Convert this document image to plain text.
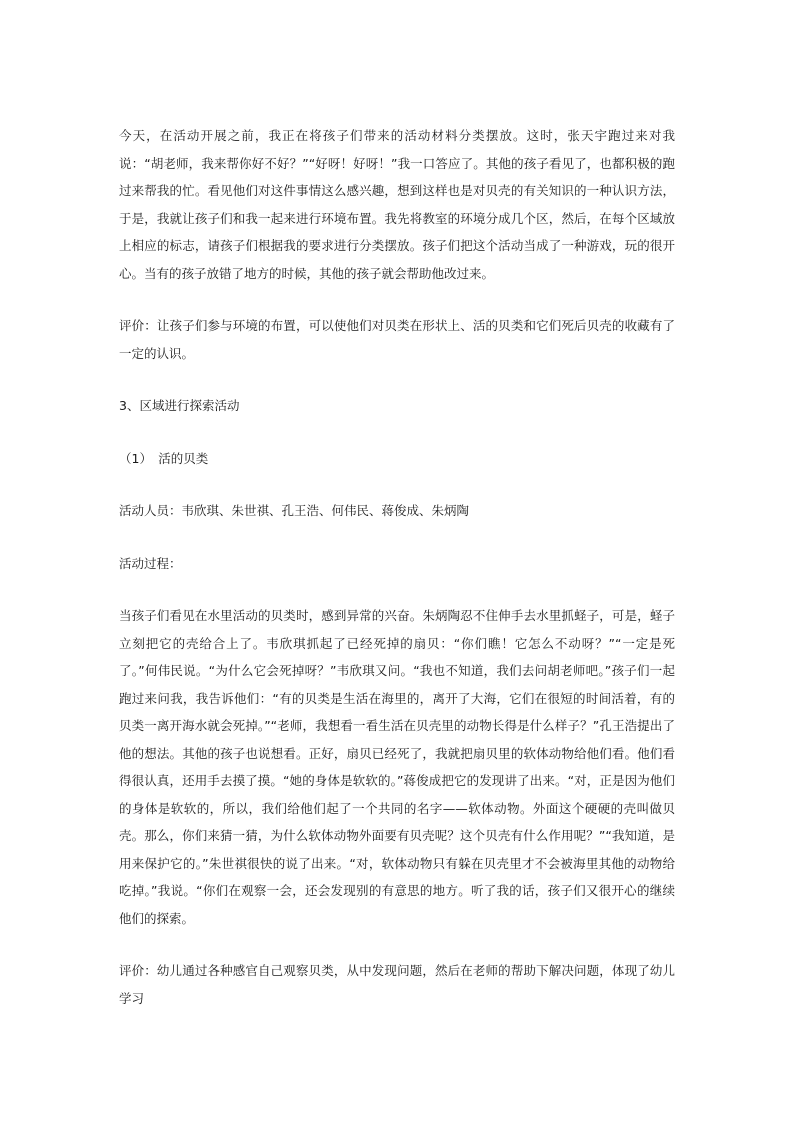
今天，在活动开展之前，我正在将孩子们带来的活动材料分类摆放。这时，张天宇跑过来对我说：“胡老师，我来帮你好不好？”“好呀！好呀！”我一口答应了。其他的孩子看见了，也都积极的跑过来帮我的忙。看见他们对这件事情这么感兴趣，想到这样也是对贝壳的有关知识的一种认识方法，于是，我就让孩子们和我一起来进行环境布置。我先将教室的环境分成几个区，然后，在每个区域放上相应的标志，请孩子们根据我的要求进行分类摆放。孩子们把这个活动当成了一种游戏，玩的很开心。当有的孩子放错了地方的时候，其他的孩子就会帮助他改过来。

评价：让孩子们参与环境的布置，可以使他们对贝类在形状上、活的贝类和它们死后贝壳的收藏有了一定的认识。

3、区域进行探索活动

（1）　活的贝类

活动人员：韦欣琪、朱世祺、孔王浩、何伟民、蒋俊成、朱炳陶

活动过程：

当孩子们看见在水里活动的贝类时，感到异常的兴奋。朱炳陶忍不住伸手去水里抓蛏子，可是，蛏子立刻把它的壳给合上了。韦欣琪抓起了已经死掉的扇贝：“你们瞧！它怎么不动呀？”“一定是死了。”何伟民说。“为什么它会死掉呀？”韦欣琪又问。“我也不知道，我们去问胡老师吧。”孩子们一起跑过来问我，我告诉他们：“有的贝类是生活在海里的，离开了大海，它们在很短的时间活着，有的贝类一离开海水就会死掉。”“老师，我想看一看生活在贝壳里的动物长得是什么样子？”孔王浩提出了他的想法。其他的孩子也说想看。正好，扇贝已经死了，我就把扇贝里的软体动物给他们看。他们看得很认真，还用手去摸了摸。“她的身体是软软的。”蒋俊成把它的发现讲了出来。“对，正是因为他们的身体是软软的，所以，我们给他们起了一个共同的名字——软体动物。外面这个硬硬的壳叫做贝壳。那么，你们来猜一猜，为什么软体动物外面要有贝壳呢？这个贝壳有什么作用呢？”“我知道，是用来保护它的。”朱世祺很快的说了出来。“对，软体动物只有躲在贝壳里才不会被海里其他的动物给吃掉。”我说。“你们在观察一会，还会发现别的有意思的地方。听了我的话，孩子们又很开心的继续他们的探索。

评价：幼儿通过各种感官自己观察贝类，从中发现问题，然后在老师的帮助下解决问题，体现了幼儿学习
